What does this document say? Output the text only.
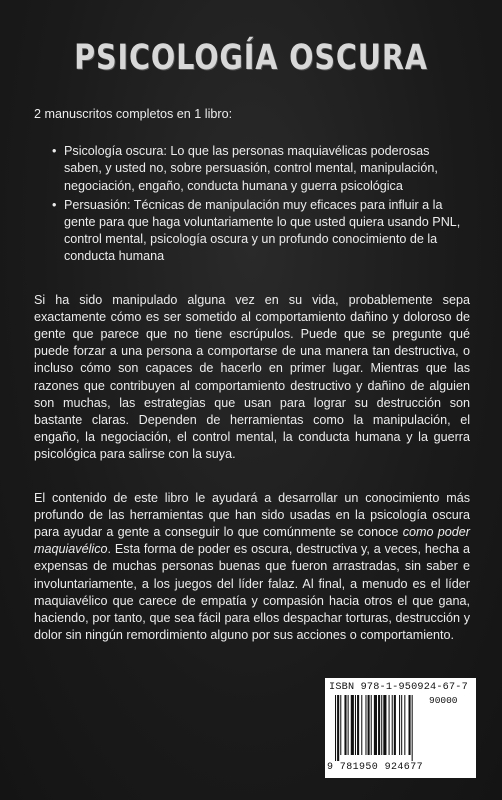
PSICOLOGÍA OSCURA
2 manuscritos completos en 1 libro:
• Psicología oscura: Lo que las personas maquiavélicas poderosas saben, y usted no, sobre persuasión, control mental, manipulación, negociación, engaño, conducta humana y guerra psicológica
• Persuasión: Técnicas de manipulación muy eficaces para influir a la gente para que haga voluntariamente lo que usted quiera usando PNL, control mental, psicología oscura y un profundo conocimiento de la conducta humana

Si ha sido manipulado alguna vez en su vida, probablemente sepa exactamente cómo es ser sometido al comportamiento dañino y doloroso de gente que parece que no tiene escrúpulos. Puede que se pregunte qué puede forzar a una persona a comportarse de una manera tan destructiva, o incluso cómo son capaces de hacerlo en primer lugar. Mientras que las razones que contribuyen al comportamiento destructivo y dañino de alguien son muchas, las estrategias que usan para lograr su destrucción son bastante claras. Dependen de herramientas como la manipulación, el engaño, la negociación, el control mental, la conducta humana y la guerra psicológica para salirse con la suya.

El contenido de este libro le ayudará a desarrollar un conocimiento más profundo de las herramientas que han sido usadas en la psicología oscura para ayudar a gente a conseguir lo que comúnmente se conoce como poder maquiavélico. Esta forma de poder es oscura, destructiva y, a veces, hecha a expensas de muchas personas buenas que fueron arrastradas, sin saber e involuntariamente, a los juegos del líder falaz. Al final, a menudo es el líder maquiavélico que carece de empatía y compasión hacia otros el que gana, haciendo, por tanto, que sea fácil para ellos despachar torturas, destrucción y dolor sin ningún remordimiento alguno por sus acciones o comportamiento.

ISBN 978-1-950924-67-7
90000
9 781950 924677
